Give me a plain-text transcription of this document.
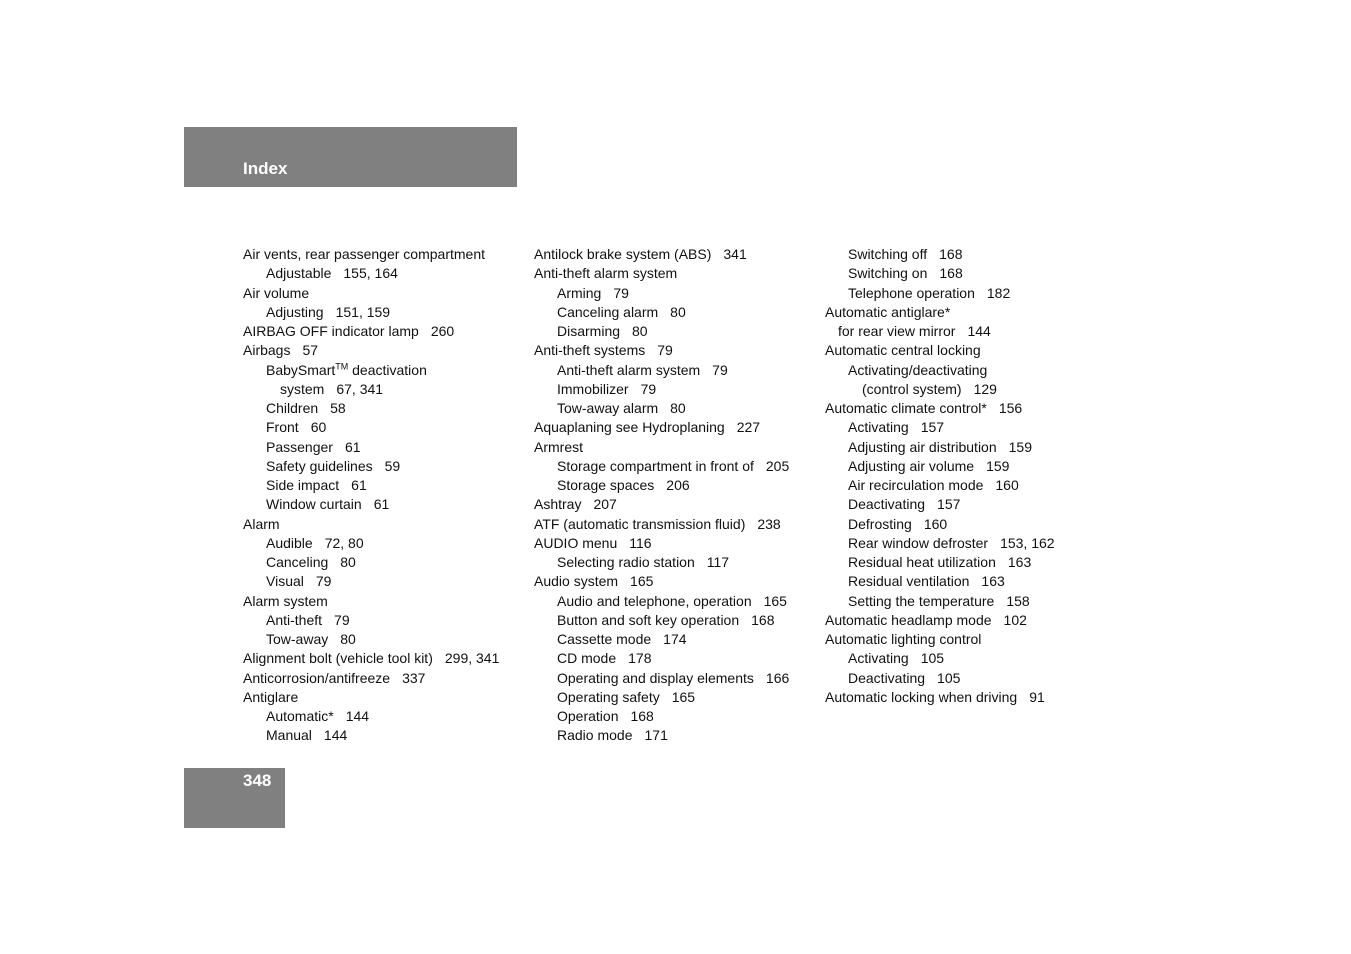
Index
Air vents, rear passenger compartment
Adjustable 155, 164
Air volume
Adjusting 151, 159
AIRBAG OFF indicator lamp 260
Airbags 57
BabySmart™ deactivation
system 67, 341
Children 58
Front 60
Passenger 61
Safety guidelines 59
Side impact 61
Window curtain 61
Alarm
Audible 72, 80
Canceling 80
Visual 79
Alarm system
Anti-theft 79
Tow-away 80
Alignment bolt (vehicle tool kit) 299, 341
Anticorrosion/antifreeze 337
Antiglare
Automatic* 144
Manual 144
Antilock brake system (ABS) 341
Anti-theft alarm system
Arming 79
Canceling alarm 80
Disarming 80
Anti-theft systems 79
Anti-theft alarm system 79
Immobilizer 79
Tow-away alarm 80
Aquaplaning see Hydroplaning 227
Armrest
Storage compartment in front of 205
Storage spaces 206
Ashtray 207
ATF (automatic transmission fluid) 238
AUDIO menu 116
Selecting radio station 117
Audio system 165
Audio and telephone, operation 165
Button and soft key operation 168
Cassette mode 174
CD mode 178
Operating and display elements 166
Operating safety 165
Operation 168
Radio mode 171
Switching off 168
Switching on 168
Telephone operation 182
Automatic antiglare*
for rear view mirror 144
Automatic central locking
Activating/deactivating
(control system) 129
Automatic climate control* 156
Activating 157
Adjusting air distribution 159
Adjusting air volume 159
Air recirculation mode 160
Deactivating 157
Defrosting 160
Rear window defroster 153, 162
Residual heat utilization 163
Residual ventilation 163
Setting the temperature 158
Automatic headlamp mode 102
Automatic lighting control
Activating 105
Deactivating 105
Automatic locking when driving 91
348
